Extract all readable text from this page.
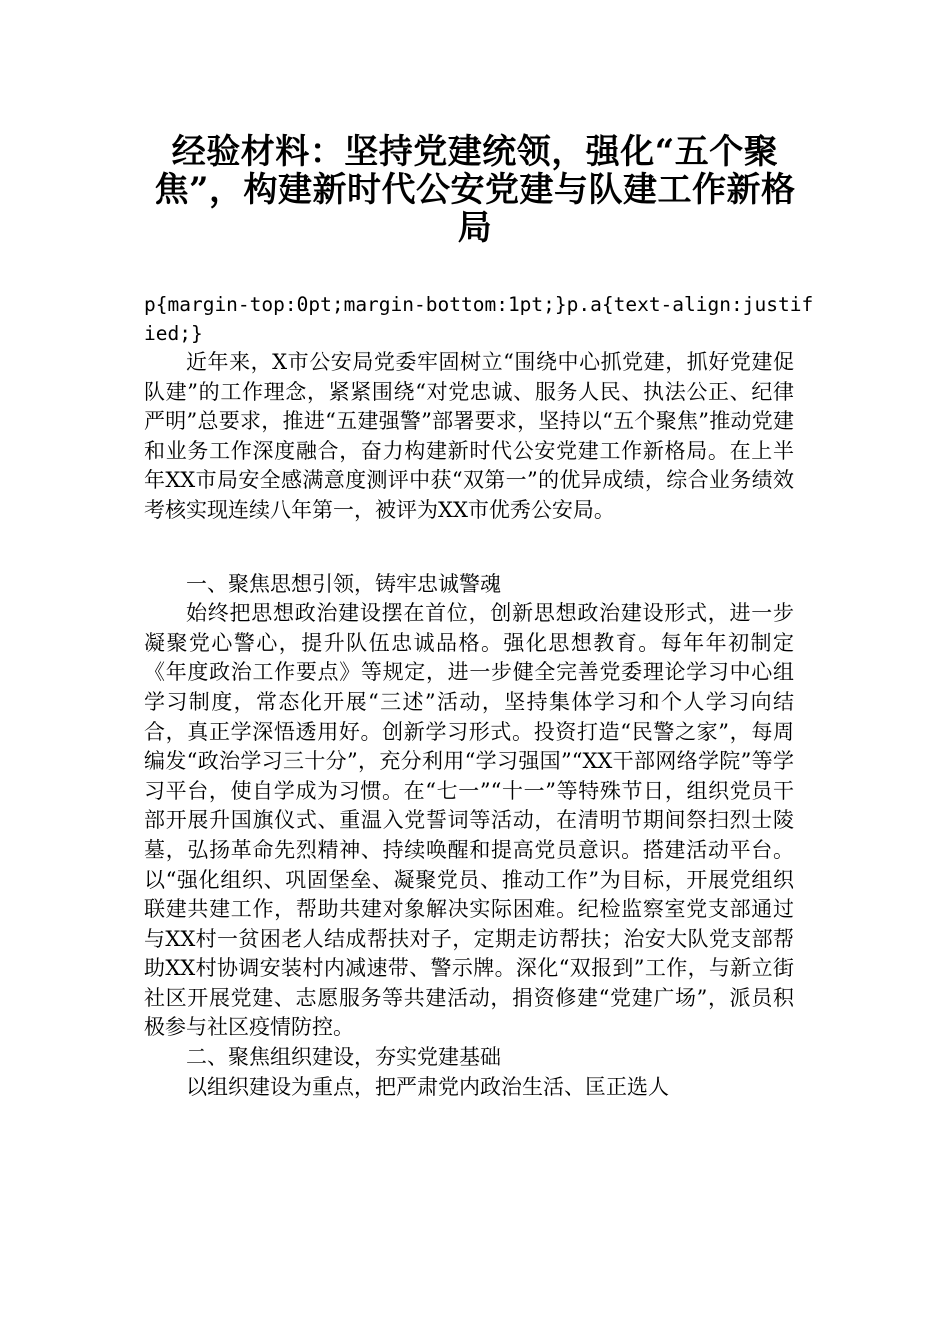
经验材料：坚持党建统领，强化“五个聚焦”，构建新时代公安党建与队建工作新格局
p{margin-top:0pt;margin-bottom:1pt;}p.a{text-align:justified;}

近年来，X市公安局党委牢固树立“围绕中心抓党建，抓好党建促队建”的工作理念，紧紧围绕“对党忠诚、服务人民、执法公正、纪律严明”总要求，推进“五建强警”部署要求，坚持以“五个聚焦”推动党建和业务工作深度融合，奋力构建新时代公安党建工作新格局。在上半年XX市局安全感满意度测评中获“双第一”的优异成绩，综合业务绩效考核实现连续八年第一，被评为XX市优秀公安局。

一、聚焦思想引领，铸牢忠诚警魂

始终把思想政治建设摆在首位，创新思想政治建设形式，进一步凝聚党心警心，提升队伍忠诚品格。强化思想教育。每年年初制定《年度政治工作要点》等规定，进一步健全完善党委理论学习中心组学习制度，常态化开展“三述”活动，坚持集体学习和个人学习向结合，真正学深悟透用好。创新学习形式。投资打造“民警之家”，每周编发“政治学习三十分”，充分利用“学习强国”“XX干部网络学院”等学习平台，使自学成为习惯。在“七一”“十一”等特殊节日，组织党员干部开展升国旗仪式、重温入党誓词等活动，在清明节期间祭扫烈士陵墓，弘扬革命先烈精神、持续唤醒和提高党员意识。搭建活动平台。以“强化组织、巩固堡垒、凝聚党员、推动工作”为目标，开展党组织联建共建工作，帮助共建对象解决实际困难。纪检监察室党支部通过与XX村一贫困老人结成帮扶对子，定期走访帮扶；治安大队党支部帮助XX村协调安装村内减速带、警示牌。深化“双报到”工作，与新立街社区开展党建、志愿服务等共建活动，捐资修建“党建广场”，派员积极参与社区疫情防控。

二、聚焦组织建设，夯实党建基础

以组织建设为重点，把严肃党内政治生活、匡正选人
